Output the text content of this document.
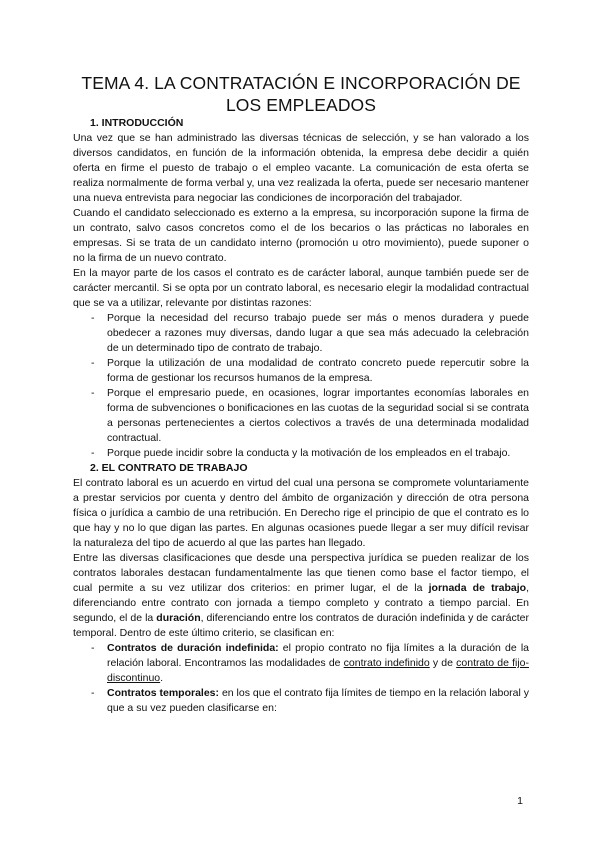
TEMA 4. LA CONTRATACIÓN E INCORPORACIÓN DE LOS EMPLEADOS
1. INTRODUCCIÓN

Una vez que se han administrado las diversas técnicas de selección, y se han valorado a los diversos candidatos, en función de la información obtenida, la empresa debe decidir a quién oferta en firme el puesto de trabajo o el empleo vacante. La comunicación de esta oferta se realiza normalmente de forma verbal y, una vez realizada la oferta, puede ser necesario mantener una nueva entrevista para negociar las condiciones de incorporación del trabajador.

Cuando el candidato seleccionado es externo a la empresa, su incorporación supone la firma de un contrato, salvo casos concretos como el de los becarios o las prácticas no laborales en empresas. Si se trata de un candidato interno (promoción u otro movimiento), puede suponer o no la firma de un nuevo contrato.

En la mayor parte de los casos el contrato es de carácter laboral, aunque también puede ser de carácter mercantil. Si se opta por un contrato laboral, es necesario elegir la modalidad contractual que se va a utilizar, relevante por distintas razones:

- Porque la necesidad del recurso trabajo puede ser más o menos duradera y puede obedecer a razones muy diversas, dando lugar a que sea más adecuado la celebración de un determinado tipo de contrato de trabajo.
- Porque la utilización de una modalidad de contrato concreto puede repercutir sobre la forma de gestionar los recursos humanos de la empresa.
- Porque el empresario puede, en ocasiones, lograr importantes economías laborales en forma de subvenciones o bonificaciones en las cuotas de la seguridad social si se contrata a personas pertenecientes a ciertos colectivos a través de una determinada modalidad contractual.
- Porque puede incidir sobre la conducta y la motivación de los empleados en el trabajo.
2. EL CONTRATO DE TRABAJO

El contrato laboral es un acuerdo en virtud del cual una persona se compromete voluntariamente a prestar servicios por cuenta y dentro del ámbito de organización y dirección de otra persona física o jurídica a cambio de una retribución. En Derecho rige el principio de que el contrato es lo que hay y no lo que digan las partes. En algunas ocasiones puede llegar a ser muy difícil revisar la naturaleza del tipo de acuerdo al que las partes han llegado.

Entre las diversas clasificaciones que desde una perspectiva jurídica se pueden realizar de los contratos laborales destacan fundamentalmente las que tienen como base el factor tiempo, el cual permite a su vez utilizar dos criterios: en primer lugar, el de la jornada de trabajo, diferenciando entre contrato con jornada a tiempo completo y contrato a tiempo parcial. En segundo, el de la duración, diferenciando entre los contratos de duración indefinida y de carácter temporal. Dentro de este último criterio, se clasifican en:

- Contratos de duración indefinida: el propio contrato no fija límites a la duración de la relación laboral. Encontramos las modalidades de contrato indefinido y de contrato de fijo-discontinuo.
- Contratos temporales: en los que el contrato fija límites de tiempo en la relación laboral y que a su vez pueden clasificarse en:
1
